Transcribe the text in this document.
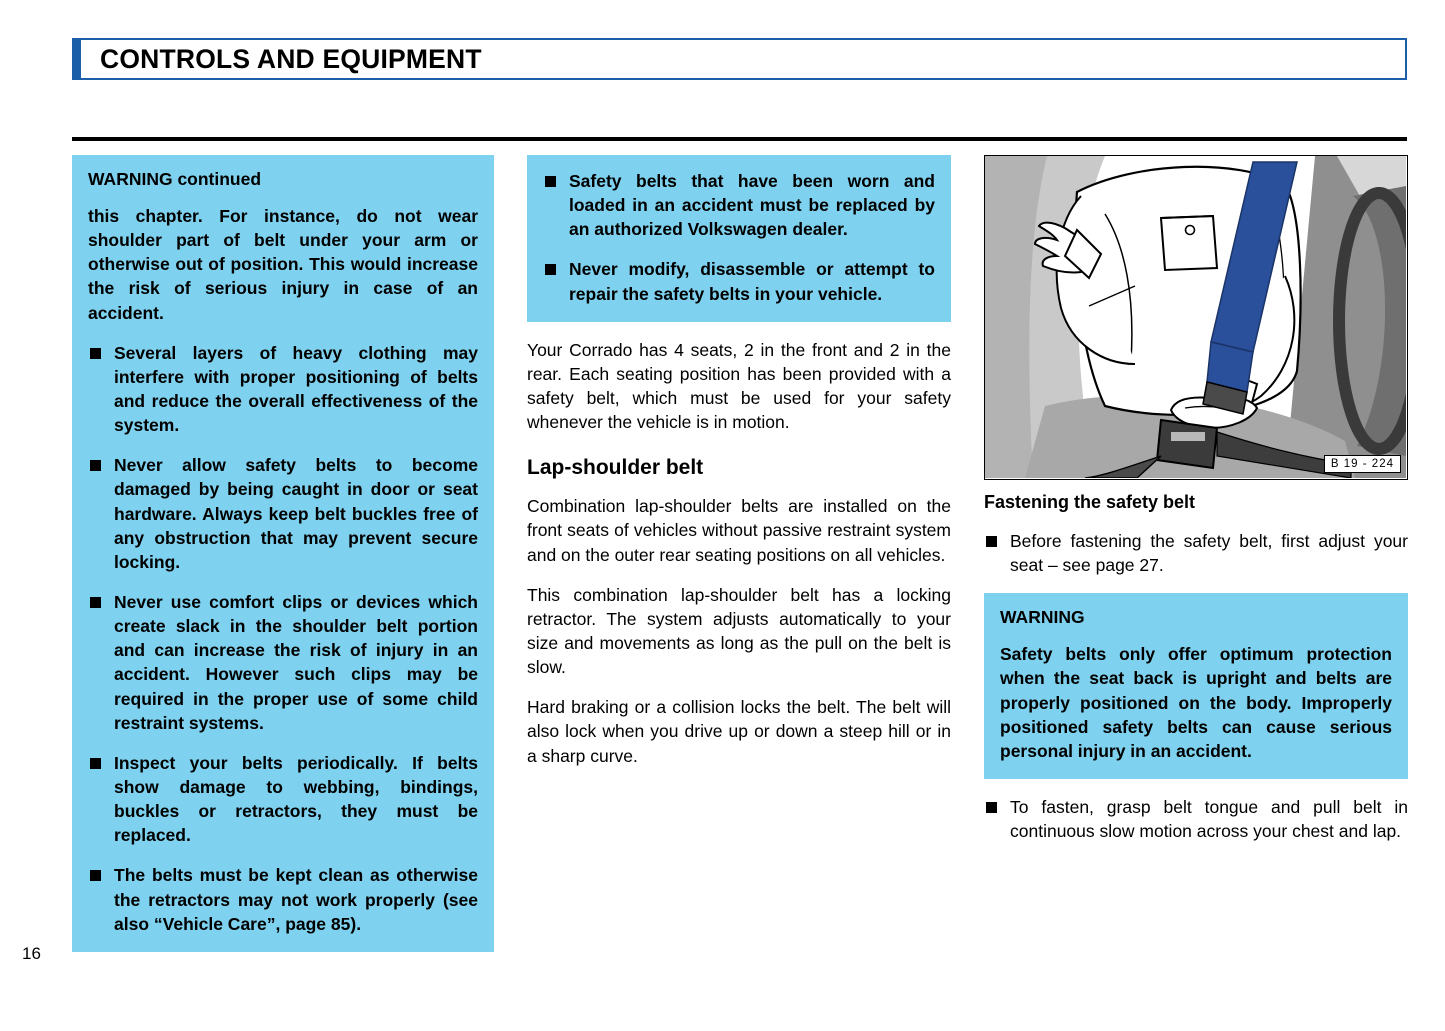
CONTROLS AND EQUIPMENT
WARNING continued

this chapter. For instance, do not wear shoulder part of belt under your arm or otherwise out of position. This would increase the risk of serious injury in case of an accident.

Several layers of heavy clothing may interfere with proper positioning of belts and reduce the overall effectiveness of the system.

Never allow safety belts to become damaged by being caught in door or seat hardware. Always keep belt buckles free of any obstruction that may prevent secure locking.

Never use comfort clips or devices which create slack in the shoulder belt portion and can increase the risk of injury in an accident. However such clips may be required in the proper use of some child restraint systems.

Inspect your belts periodically. If belts show damage to webbing, bindings, buckles or retractors, they must be replaced.

The belts must be kept clean as otherwise the retractors may not work properly (see also “Vehicle Care”, page 85).

Safety belts that have been worn and loaded in an accident must be replaced by an authorized Volkswagen dealer.

Never modify, disassemble or attempt to repair the safety belts in your vehicle.

Your Corrado has 4 seats, 2 in the front and 2 in the rear. Each seating position has been provided with a safety belt, which must be used for your safety whenever the vehicle is in motion.

Lap-shoulder belt

Combination lap-shoulder belts are installed on the front seats of vehicles without passive restraint system and on the outer rear seating positions on all vehicles.

This combination lap-shoulder belt has a locking retractor. The system adjusts automatically to your size and movements as long as the pull on the belt is slow.

Hard braking or a collision locks the belt. The belt will also lock when you drive up or down a steep hill or in a sharp curve.

B 19 - 224
Fastening the safety belt

Before fastening the safety belt, first adjust your seat – see page 27.

WARNING

Safety belts only offer optimum protection when the seat back is upright and belts are properly positioned on the body. Improperly positioned safety belts can cause serious personal injury in an accident.

To fasten, grasp belt tongue and pull belt in continuous slow motion across your chest and lap.

16
